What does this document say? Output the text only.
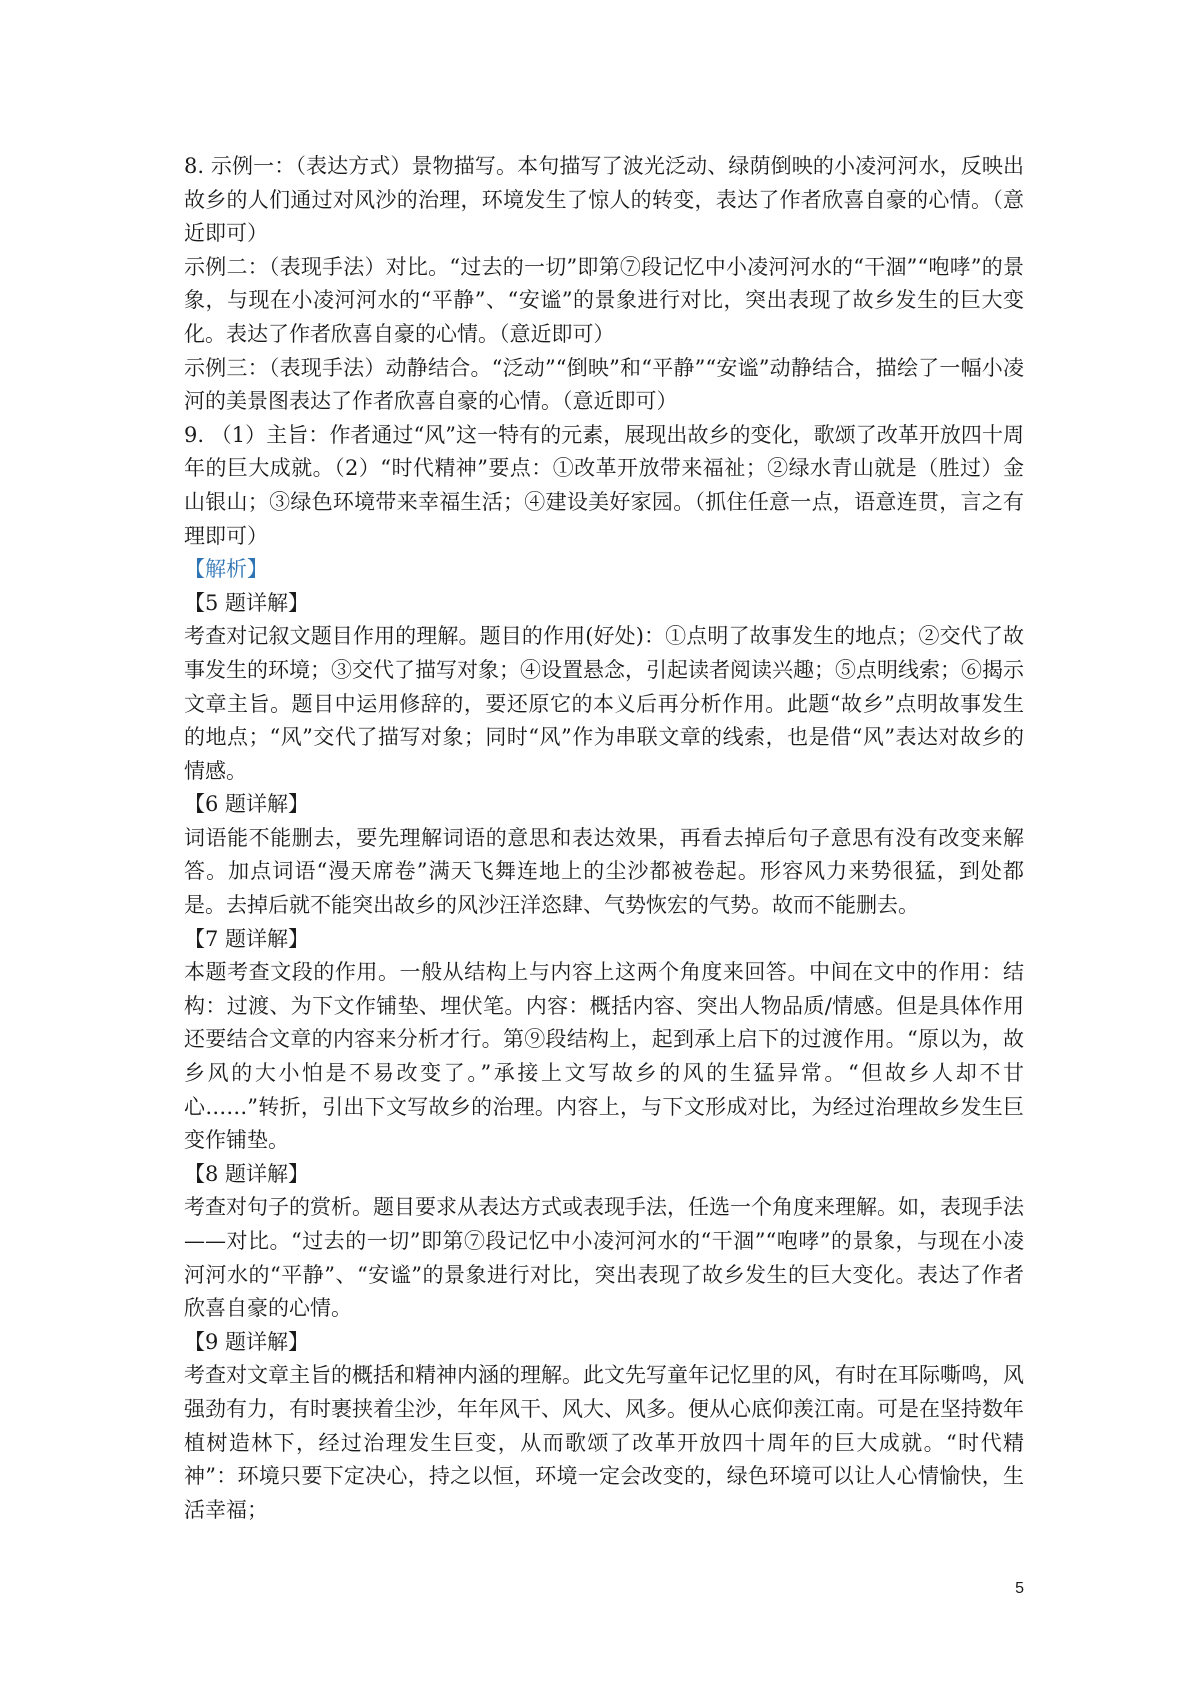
8. 示例一：（表达方式）景物描写。本句描写了波光泛动、绿荫倒映的小凌河河水，反映出故乡的人们通过对风沙的治理，环境发生了惊人的转变，表达了作者欣喜自豪的心情。（意近即可）

示例二：（表现手法）对比。“过去的一切”即第⑦段记忆中小凌河河水的“干涸”“咆哮”的景象，与现在小凌河河水的“平静”、“安谧”的景象进行对比，突出表现了故乡发生的巨大变化。表达了作者欣喜自豪的心情。（意近即可）

示例三：（表现手法）动静结合。“泛动”“倒映”和“平静”“安谧”动静结合，描绘了一幅小凌河的美景图表达了作者欣喜自豪的心情。（意近即可）

9. （1）主旨：作者通过“风”这一特有的元素，展现出故乡的变化，歌颂了改革开放四十周年的巨大成就。（2）“时代精神”要点：①改革开放带来福祉；②绿水青山就是（胜过）金山银山；③绿色环境带来幸福生活；④建设美好家园。（抓住任意一点，语意连贯，言之有理即可）

【解析】

【5 题详解】

考查对记叙文题目作用的理解。题目的作用(好处)：①点明了故事发生的地点；②交代了故事发生的环境；③交代了描写对象；④设置悬念，引起读者阅读兴趣；⑤点明线索；⑥揭示文章主旨。题目中运用修辞的，要还原它的本义后再分析作用。此题“故乡”点明故事发生的地点；“风”交代了描写对象；同时“风”作为串联文章的线索，也是借“风”表达对故乡的情感。

【6 题详解】

词语能不能删去，要先理解词语的意思和表达效果，再看去掉后句子意思有没有改变来解答。加点词语“漫天席卷”满天飞舞连地上的尘沙都被卷起。形容风力来势很猛，到处都是。去掉后就不能突出故乡的风沙汪洋恣肆、气势恢宏的气势。故而不能删去。

【7 题详解】

本题考查文段的作用。一般从结构上与内容上这两个角度来回答。中间在文中的作用：结构：过渡、为下文作铺垫、埋伏笔。内容：概括内容、突出人物品质/情感。但是具体作用还要结合文章的内容来分析才行。第⑨段结构上，起到承上启下的过渡作用。“原以为，故乡风的大小怕是不易改变了。”承接上文写故乡的风的生猛异常。“但故乡人却不甘心……”转折，引出下文写故乡的治理。内容上，与下文形成对比，为经过治理故乡发生巨变作铺垫。

【8 题详解】

考查对句子的赏析。题目要求从表达方式或表现手法，任选一个角度来理解。如，表现手法——对比。“过去的一切”即第⑦段记忆中小凌河河水的“干涸”“咆哮”的景象，与现在小凌河河水的“平静”、“安谧”的景象进行对比，突出表现了故乡发生的巨大变化。表达了作者欣喜自豪的心情。

【9 题详解】

考查对文章主旨的概括和精神内涵的理解。此文先写童年记忆里的风，有时在耳际嘶鸣，风强劲有力，有时裹挟着尘沙，年年风干、风大、风多。便从心底仰羡江南。可是在坚持数年植树造林下，经过治理发生巨变，从而歌颂了改革开放四十周年的巨大成就。“时代精神”：环境只要下定决心，持之以恒，环境一定会改变的，绿色环境可以让人心情愉快，生活幸福；

5
